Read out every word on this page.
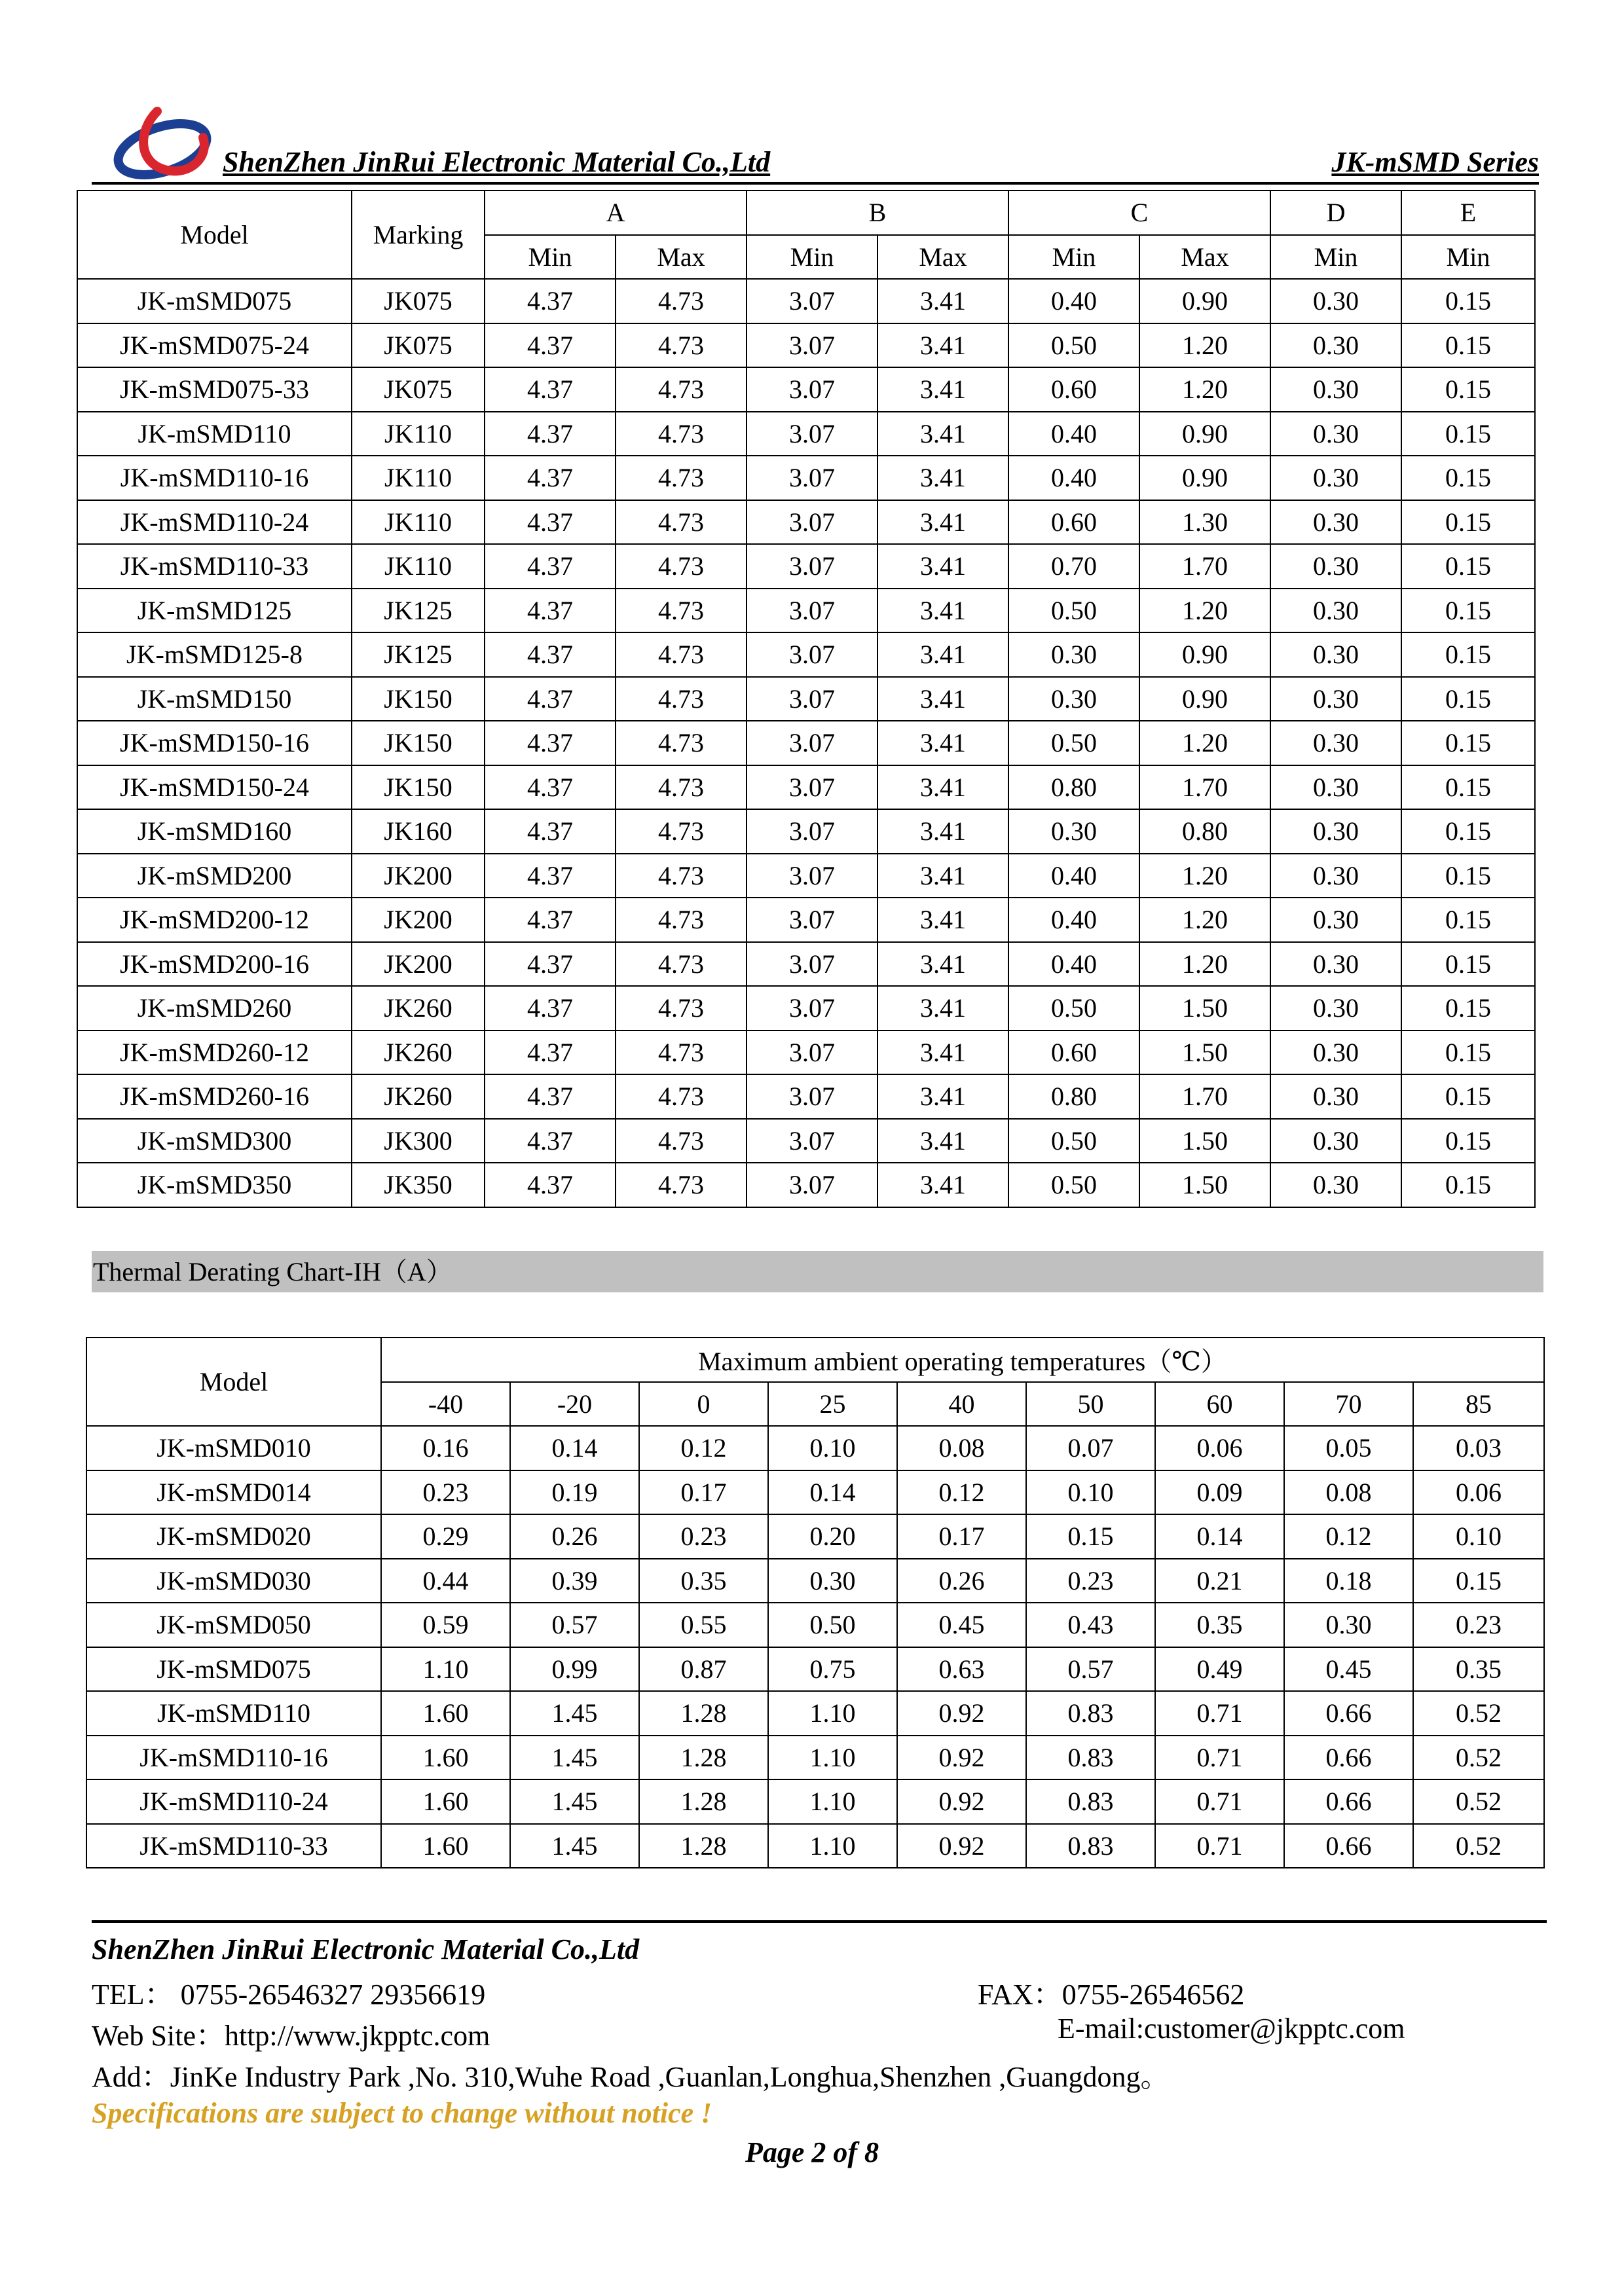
ShenZhen JinRui Electronic Material Co.,Ltd	JK-mSMD Series
Model	Marking	A		B		C		D	E
		Min	Max	Min	Max	Min	Max	Min	Min
JK-mSMD075	JK075	4.37	4.73	3.07	3.41	0.40	0.90	0.30	0.15
JK-mSMD075-24	JK075	4.37	4.73	3.07	3.41	0.50	1.20	0.30	0.15
JK-mSMD075-33	JK075	4.37	4.73	3.07	3.41	0.60	1.20	0.30	0.15
JK-mSMD110	JK110	4.37	4.73	3.07	3.41	0.40	0.90	0.30	0.15
JK-mSMD110-16	JK110	4.37	4.73	3.07	3.41	0.40	0.90	0.30	0.15
JK-mSMD110-24	JK110	4.37	4.73	3.07	3.41	0.60	1.30	0.30	0.15
JK-mSMD110-33	JK110	4.37	4.73	3.07	3.41	0.70	1.70	0.30	0.15
JK-mSMD125	JK125	4.37	4.73	3.07	3.41	0.50	1.20	0.30	0.15
JK-mSMD125-8	JK125	4.37	4.73	3.07	3.41	0.30	0.90	0.30	0.15
JK-mSMD150	JK150	4.37	4.73	3.07	3.41	0.30	0.90	0.30	0.15
JK-mSMD150-16	JK150	4.37	4.73	3.07	3.41	0.50	1.20	0.30	0.15
JK-mSMD150-24	JK150	4.37	4.73	3.07	3.41	0.80	1.70	0.30	0.15
JK-mSMD160	JK160	4.37	4.73	3.07	3.41	0.30	0.80	0.30	0.15
JK-mSMD200	JK200	4.37	4.73	3.07	3.41	0.40	1.20	0.30	0.15
JK-mSMD200-12	JK200	4.37	4.73	3.07	3.41	0.40	1.20	0.30	0.15
JK-mSMD200-16	JK200	4.37	4.73	3.07	3.41	0.40	1.20	0.30	0.15
JK-mSMD260	JK260	4.37	4.73	3.07	3.41	0.50	1.50	0.30	0.15
JK-mSMD260-12	JK260	4.37	4.73	3.07	3.41	0.60	1.50	0.30	0.15
JK-mSMD260-16	JK260	4.37	4.73	3.07	3.41	0.80	1.70	0.30	0.15
JK-mSMD300	JK300	4.37	4.73	3.07	3.41	0.50	1.50	0.30	0.15
JK-mSMD350	JK350	4.37	4.73	3.07	3.41	0.50	1.50	0.30	0.15
Thermal Derating Chart-IH（A）
Model	Maximum ambient operating temperatures（℃）								
	-40	-20	0	25	40	50	60	70	85
JK-mSMD010	0.16	0.14	0.12	0.10	0.08	0.07	0.06	0.05	0.03
JK-mSMD014	0.23	0.19	0.17	0.14	0.12	0.10	0.09	0.08	0.06
JK-mSMD020	0.29	0.26	0.23	0.20	0.17	0.15	0.14	0.12	0.10
JK-mSMD030	0.44	0.39	0.35	0.30	0.26	0.23	0.21	0.18	0.15
JK-mSMD050	0.59	0.57	0.55	0.50	0.45	0.43	0.35	0.30	0.23
JK-mSMD075	1.10	0.99	0.87	0.75	0.63	0.57	0.49	0.45	0.35
JK-mSMD110	1.60	1.45	1.28	1.10	0.92	0.83	0.71	0.66	0.52
JK-mSMD110-16	1.60	1.45	1.28	1.10	0.92	0.83	0.71	0.66	0.52
JK-mSMD110-24	1.60	1.45	1.28	1.10	0.92	0.83	0.71	0.66	0.52
JK-mSMD110-33	1.60	1.45	1.28	1.10	0.92	0.83	0.71	0.66	0.52
ShenZhen JinRui Electronic Material Co.,Ltd
TEL： 0755-26546327 29356619	FAX：0755-26546562
Web Site：http://www.jkpptc.com	E-mail:customer@jkpptc.com
Add：JinKe Industry Park ,No. 310,Wuhe Road ,Guanlan,Longhua,Shenzhen ,Guangdong。
Specifications are subject to change without notice !
Page 2 of 8
